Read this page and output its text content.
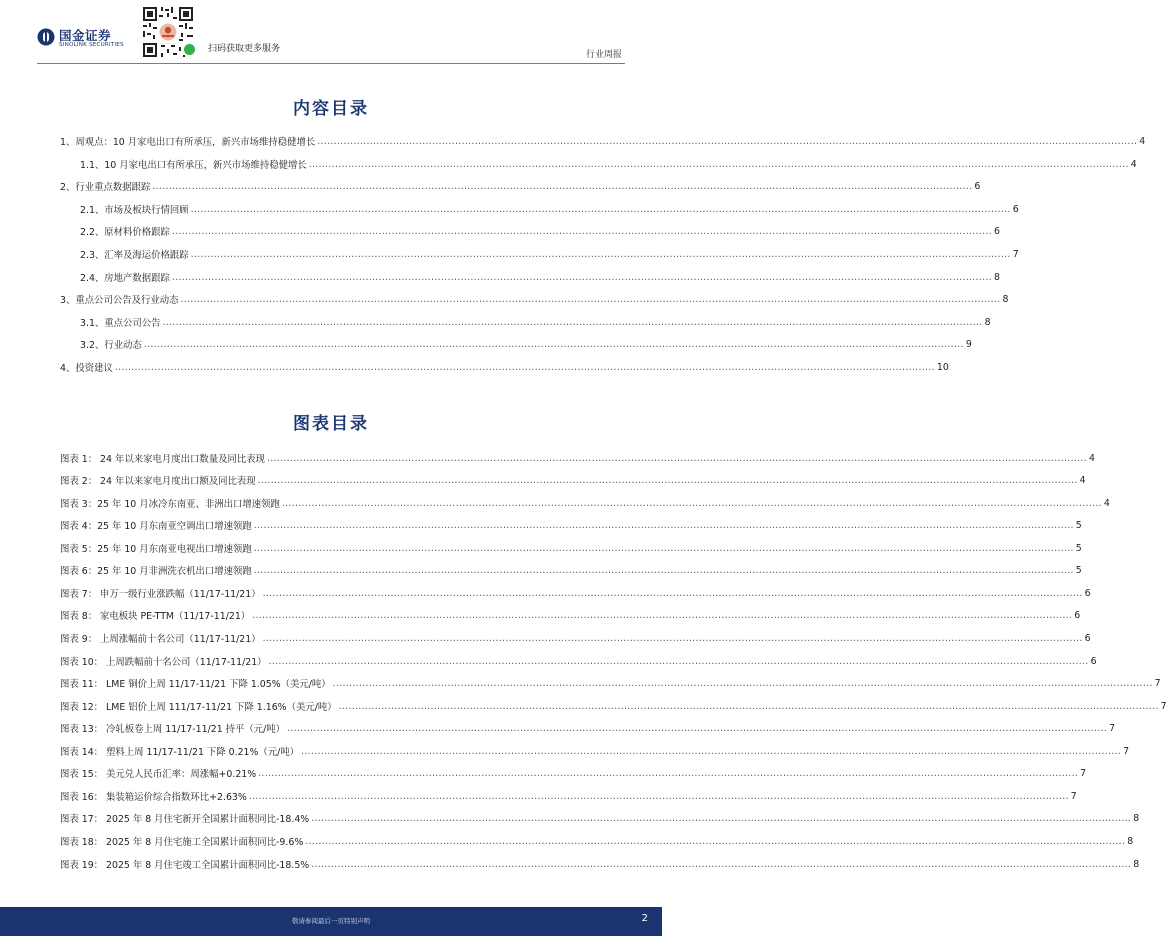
国金证券
SINOLINK SECURITIES	扫码获取更多服务
行业周报
内容目录
1、周观点：10 月家电出口有所承压，新兴市场维持稳健增长 .......................................................................................................................................................................................................................................................... 4
1.1、10 月家电出口有所承压，新兴市场维持稳健增长 .......................................................................................................................................................................................................................................................... 4
2、行业重点数据跟踪 .......................................................................................................................................................................................................................................................... 6
2.1、市场及板块行情回顾 .......................................................................................................................................................................................................................................................... 6
2.2、原材料价格跟踪 .......................................................................................................................................................................................................................................................... 6
2.3、汇率及海运价格跟踪 .......................................................................................................................................................................................................................................................... 7
2.4、房地产数据跟踪 .......................................................................................................................................................................................................................................................... 8
3、重点公司公告及行业动态 .......................................................................................................................................................................................................................................................... 8
3.1、重点公司公告 .......................................................................................................................................................................................................................................................... 8
3.2、行业动态 .......................................................................................................................................................................................................................................................... 9
4、投资建议 .......................................................................................................................................................................................................................................................... 10
图表目录
图表 1： 24 年以来家电月度出口数量及同比表现 .......................................................................................................................................................................................................................................................... 4
图表 2： 24 年以来家电月度出口额及同比表现 .......................................................................................................................................................................................................................................................... 4
图表 3：25 年 10 月冰冷东南亚、非洲出口增速领跑 .......................................................................................................................................................................................................................................................... 4
图表 4：25 年 10 月东南亚空调出口增速领跑 .......................................................................................................................................................................................................................................................... 5
图表 5：25 年 10 月东南亚电视出口增速领跑 .......................................................................................................................................................................................................................................................... 5
图表 6：25 年 10 月非洲洗衣机出口增速领跑 .......................................................................................................................................................................................................................................................... 5
图表 7： 申万一级行业涨跌幅（11/17-11/21） .......................................................................................................................................................................................................................................................... 6
图表 8： 家电板块 PE-TTM（11/17-11/21） .......................................................................................................................................................................................................................................................... 6
图表 9： 上周涨幅前十名公司（11/17-11/21） .......................................................................................................................................................................................................................................................... 6
图表 10： 上周跌幅前十名公司（11/17-11/21） .......................................................................................................................................................................................................................................................... 6
图表 11： LME 铜价上周 11/17-11/21 下降 1.05%（美元/吨） .......................................................................................................................................................................................................................................................... 7
图表 12： LME 铝价上周 111/17-11/21 下降 1.16%（美元/吨） .......................................................................................................................................................................................................................................................... 7
图表 13： 冷轧板卷上周 11/17-11/21 持平（元/吨） .......................................................................................................................................................................................................................................................... 7
图表 14： 塑料上周 11/17-11/21 下降 0.21%（元/吨） .......................................................................................................................................................................................................................................................... 7
图表 15： 美元兑人民币汇率：周涨幅+0.21% .......................................................................................................................................................................................................................................................... 7
图表 16： 集装箱运价综合指数环比+2.63% .......................................................................................................................................................................................................................................................... 7
图表 17： 2025 年 8 月住宅新开全国累计面积同比-18.4% .......................................................................................................................................................................................................................................................... 8
图表 18： 2025 年 8 月住宅施工全国累计面积同比-9.6% .......................................................................................................................................................................................................................................................... 8
图表 19： 2025 年 8 月住宅竣工全国累计面积同比-18.5% .......................................................................................................................................................................................................................................................... 8
敬请参阅最后一页特别声明	2
